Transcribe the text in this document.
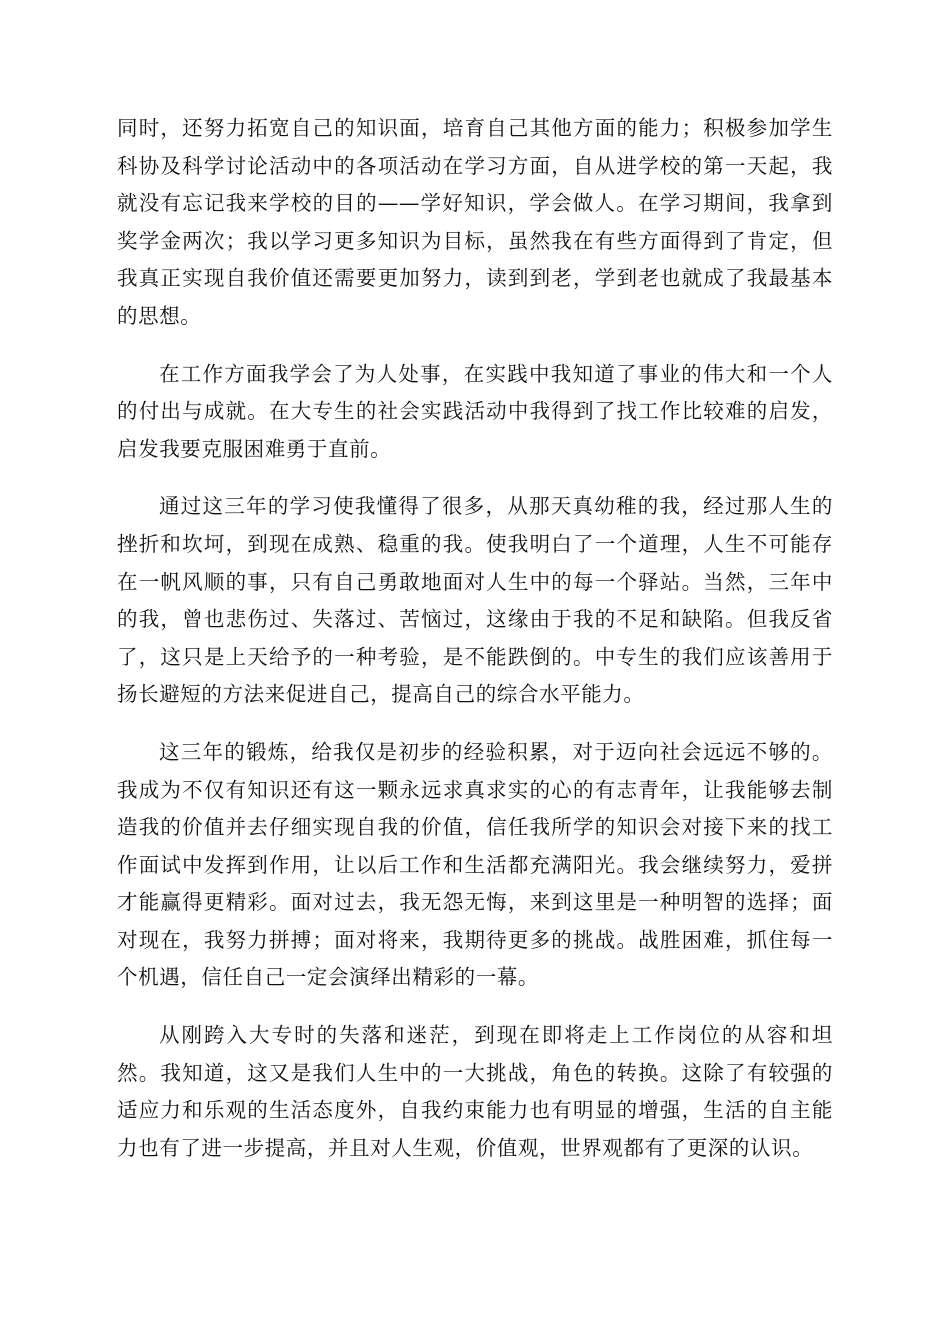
同时，还努力拓宽自己的知识面，培育自己其他方面的能力；积极参加学生科协及科学讨论活动中的各项活动在学习方面，自从进学校的第一天起，我就没有忘记我来学校的目的——学好知识，学会做人。在学习期间，我拿到奖学金两次；我以学习更多知识为目标，虽然我在有些方面得到了肯定，但我真正实现自我价值还需要更加努力，读到到老，学到老也就成了我最基本的思想。

在工作方面我学会了为人处事，在实践中我知道了事业的伟大和一个人的付出与成就。在大专生的社会实践活动中我得到了找工作比较难的启发，启发我要克服困难勇于直前。

通过这三年的学习使我懂得了很多，从那天真幼稚的我，经过那人生的挫折和坎坷，到现在成熟、稳重的我。使我明白了一个道理，人生不可能存在一帆风顺的事，只有自己勇敢地面对人生中的每一个驿站。当然，三年中的我，曾也悲伤过、失落过、苦恼过，这缘由于我的不足和缺陷。但我反省了，这只是上天给予的一种考验，是不能跌倒的。中专生的我们应该善用于扬长避短的方法来促进自己，提高自己的综合水平能力。

这三年的锻炼，给我仅是初步的经验积累，对于迈向社会远远不够的。我成为不仅有知识还有这一颗永远求真求实的心的有志青年，让我能够去制造我的价值并去仔细实现自我的价值，信任我所学的知识会对接下来的找工作面试中发挥到作用，让以后工作和生活都充满阳光。我会继续努力，爱拼才能赢得更精彩。面对过去，我无怨无悔，来到这里是一种明智的选择；面对现在，我努力拼搏；面对将来，我期待更多的挑战。战胜困难，抓住每一个机遇，信任自己一定会演绎出精彩的一幕。

从刚跨入大专时的失落和迷茫，到现在即将走上工作岗位的从容和坦然。我知道，这又是我们人生中的一大挑战，角色的转换。这除了有较强的适应力和乐观的生活态度外，自我约束能力也有明显的增强，生活的自主能力也有了进一步提高，并且对人生观，价值观，世界观都有了更深的认识。
